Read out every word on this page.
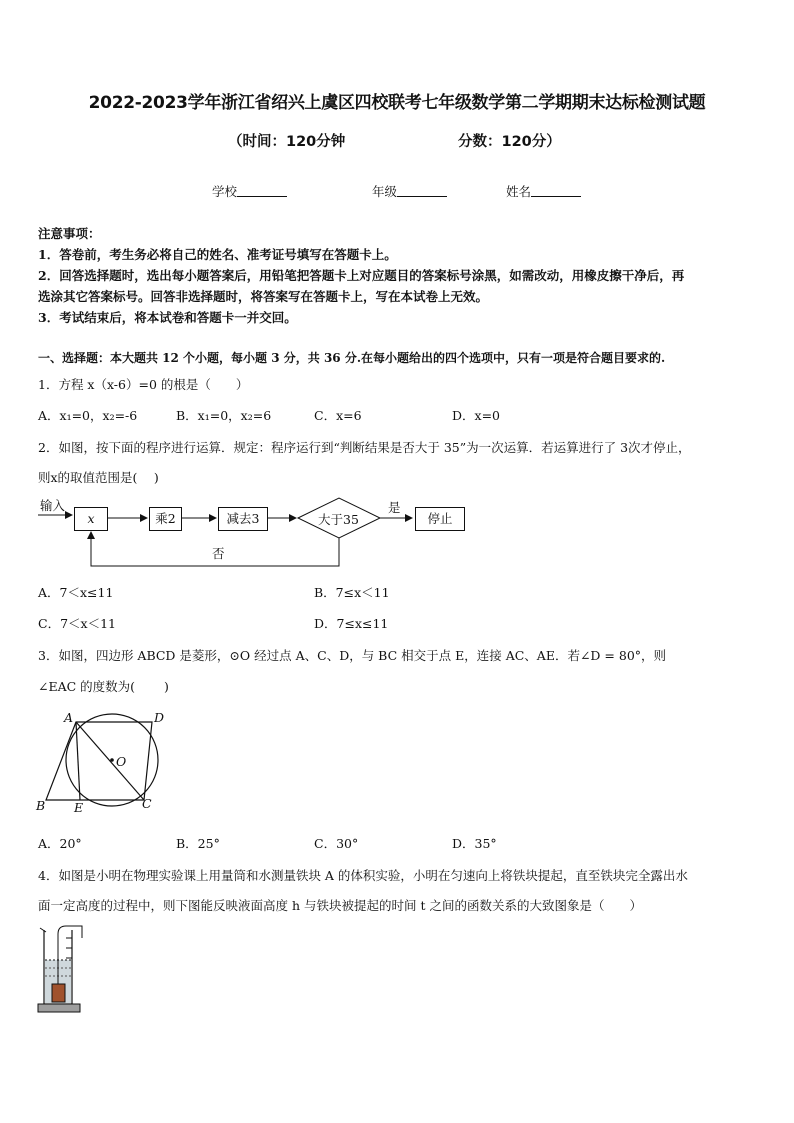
2022-2023学年浙江省绍兴上虞区四校联考七年级数学第二学期期末达标检测试题
（时间：120分钟	分数：120分）
学校	年级	姓名
注意事项：
1．答卷前，考生务必将自己的姓名、准考证号填写在答题卡上。
2．回答选择题时，选出每小题答案后，用铅笔把答题卡上对应题目的答案标号涂黑，如需改动，用橡皮擦干净后，再
选涂其它答案标号。回答非选择题时，将答案写在答题卡上，写在本试卷上无效。
3．考试结束后，将本试卷和答题卡一并交回。
一、选择题：本大题共 12 个小题，每小题 3 分，共 36 分.在每小题给出的四个选项中，只有一项是符合题目要求的.
1．方程 x（x-6）=0 的根是（　　）
A．x₁=0，x₂=-6	B．x₁=0，x₂=6	C．x=6	D．x=0
2．如图，按下面的程序进行运算．规定：程序运行到“判断结果是否大于 35”为一次运算．若运算进行了 3次才停止，
则x的取值范围是(　 )
输入
x	乘2	减去3	大于35
是
停止
否
A．7＜x≤11	B．7≤x＜11
C．7＜x＜11	D．7≤x≤11
3．如图，四边形 ABCD 是菱形，⊙O 经过点 A、C、D，与 BC 相交于点 E，连接 AC、AE．若∠D = 80°，则
∠EAC 的度数为(　 　)
A	D
B E	C
O
A．20°	B．25°	C．30°	D．35°
4．如图是小明在物理实验课上用量筒和水测量铁块 A 的体积实验，小明在匀速向上将铁块提起，直至铁块完全露出水
面一定高度的过程中，则下图能反映液面高度 h 与铁块被提起的时间 t 之间的函数关系的大致图象是（　　）
